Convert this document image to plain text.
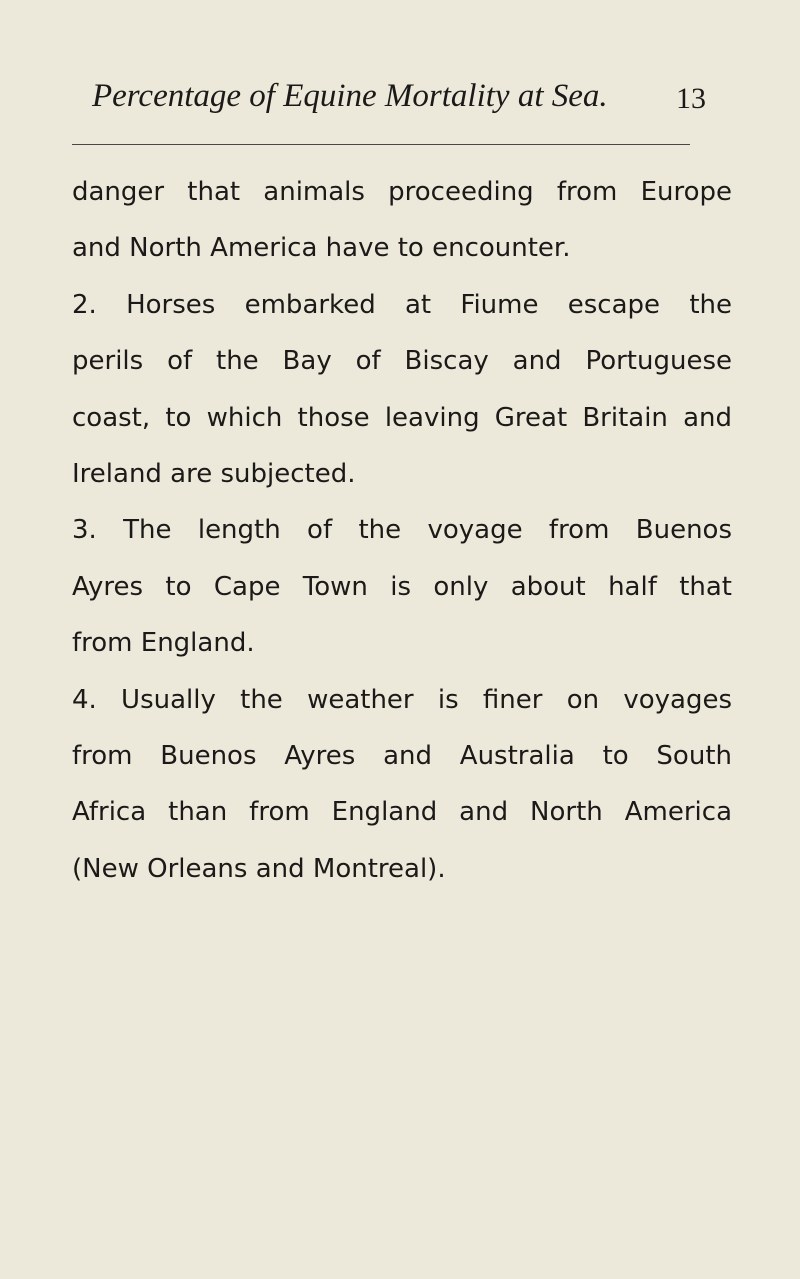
Percentage of Equine Mortality at Sea. 13
danger that animals proceeding from Europe
and North America have to encounter.
2. Horses embarked at Fiume escape the
perils of the Bay of Biscay and Portuguese
coast, to which those leaving Great Britain and
Ireland are subjected.
3. The length of the voyage from Buenos
Ayres to Cape Town is only about half that
from England.
4. Usually the weather is finer on voyages
from Buenos Ayres and Australia to South
Africa than from England and North America
(New Orleans and Montreal).
